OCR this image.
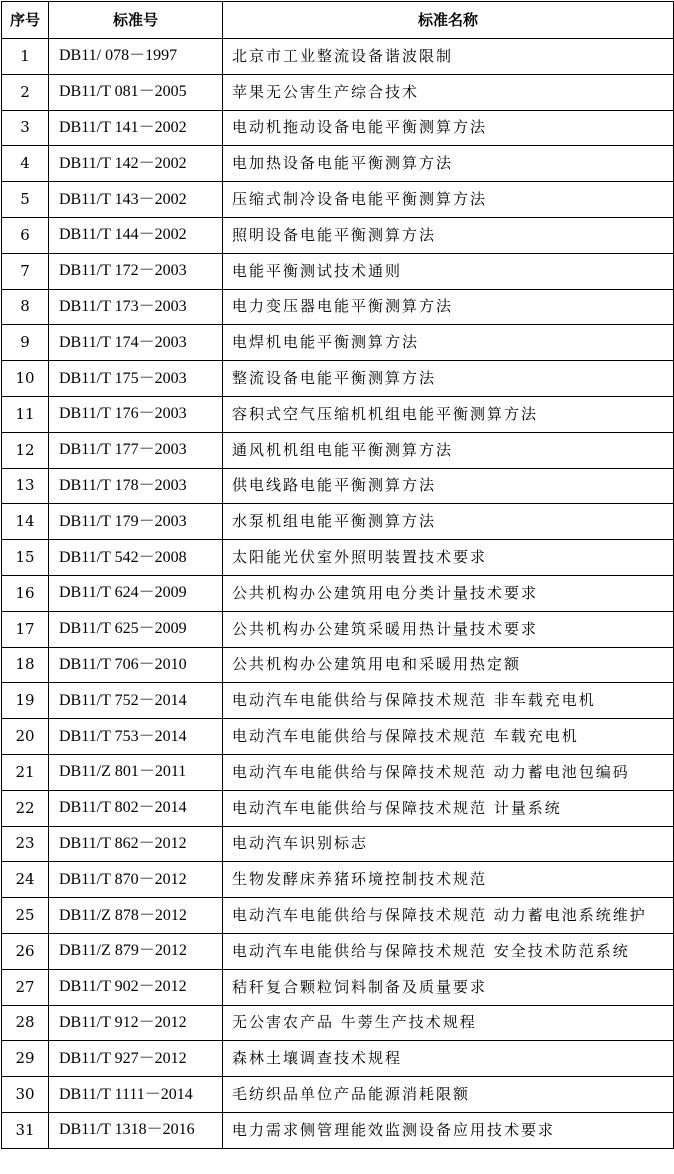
序号	标准号	标准名称
1	DB11/ 078－1997	北京市工业整流设备谐波限制
2	DB11/T 081－2005	苹果无公害生产综合技术
3	DB11/T 141－2002	电动机拖动设备电能平衡测算方法
4	DB11/T 142－2002	电加热设备电能平衡测算方法
5	DB11/T 143－2002	压缩式制冷设备电能平衡测算方法
6	DB11/T 144－2002	照明设备电能平衡测算方法
7	DB11/T 172－2003	电能平衡测试技术通则
8	DB11/T 173－2003	电力变压器电能平衡测算方法
9	DB11/T 174－2003	电焊机电能平衡测算方法
10	DB11/T 175－2003	整流设备电能平衡测算方法
11	DB11/T 176－2003	容积式空气压缩机机组电能平衡测算方法
12	DB11/T 177－2003	通风机机组电能平衡测算方法
13	DB11/T 178－2003	供电线路电能平衡测算方法
14	DB11/T 179－2003	水泵机组电能平衡测算方法
15	DB11/T 542－2008	太阳能光伏室外照明装置技术要求
16	DB11/T 624－2009	公共机构办公建筑用电分类计量技术要求
17	DB11/T 625－2009	公共机构办公建筑采暖用热计量技术要求
18	DB11/T 706－2010	公共机构办公建筑用电和采暖用热定额
19	DB11/T 752－2014	电动汽车电能供给与保障技术规范 非车载充电机
20	DB11/T 753－2014	电动汽车电能供给与保障技术规范 车载充电机
21	DB11/Z 801－2011	电动汽车电能供给与保障技术规范 动力蓄电池包编码
22	DB11/T 802－2014	电动汽车电能供给与保障技术规范 计量系统
23	DB11/T 862－2012	电动汽车识别标志
24	DB11/T 870－2012	生物发酵床养猪环境控制技术规范
25	DB11/Z 878－2012	电动汽车电能供给与保障技术规范 动力蓄电池系统维护
26	DB11/Z 879－2012	电动汽车电能供给与保障技术规范 安全技术防范系统
27	DB11/T 902－2012	秸秆复合颗粒饲料制备及质量要求
28	DB11/T 912－2012	无公害农产品 牛蒡生产技术规程
29	DB11/T 927－2012	森林土壤调查技术规程
30	DB11/T 1111－2014	毛纺织品单位产品能源消耗限额
31	DB11/T 1318－2016	电力需求侧管理能效监测设备应用技术要求
